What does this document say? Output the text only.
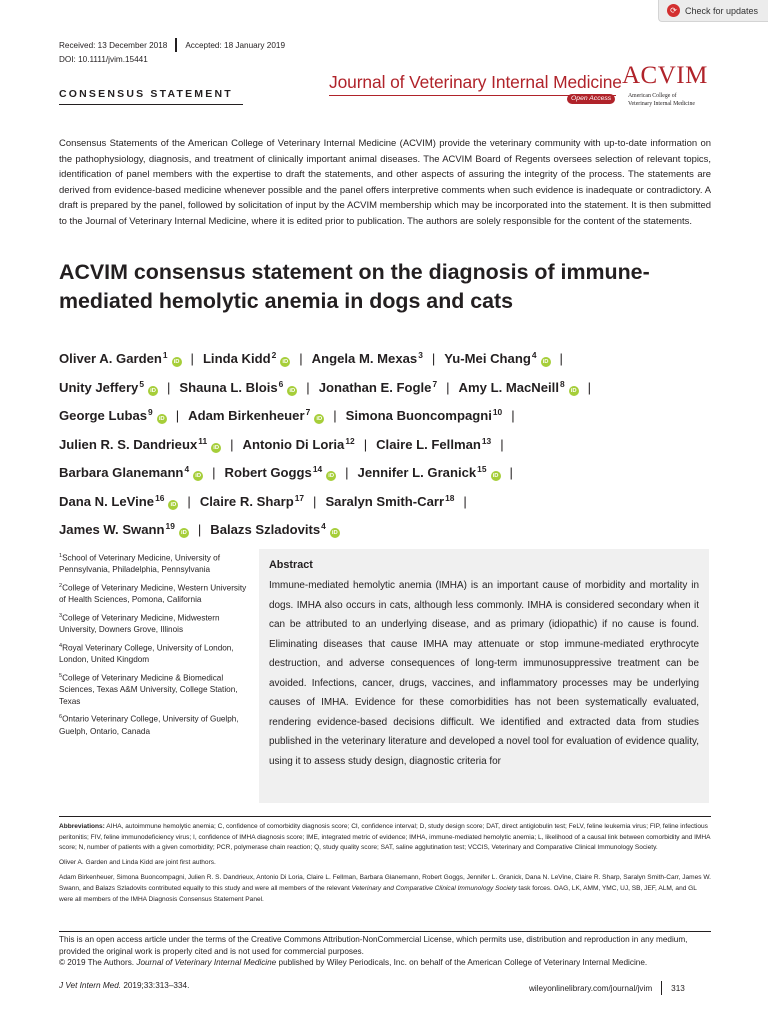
⟳ Check for updates
Received: 13 December 2018 Accepted: 18 January 2019
DOI: 10.1111/jvim.15441
CONSENSUS STATEMENT
Journal of Veterinary Internal Medicine
Open Access
ACVIM
American College of
Veterinary Internal Medicine

Consensus Statements of the American College of Veterinary Internal Medicine (ACVIM) provide the veterinary community with up-to-date information on the pathophysiology, diagnosis, and treatment of clinically important animal diseases. The ACVIM Board of Regents oversees selection of relevant topics, identification of panel members with the expertise to draft the statements, and other aspects of assuring the integrity of the process. The statements are derived from evidence-based medicine whenever possible and the panel offers interpretive comments when such evidence is inadequate or contradictory. A draft is prepared by the panel, followed by solicitation of input by the ACVIM membership which may be incorporated into the statement. It is then submitted to the Journal of Veterinary Internal Medicine, where it is edited prior to publication. The authors are solely responsible for the content of the statements.

ACVIM consensus statement on the diagnosis of immune-mediated hemolytic anemia in dogs and cats
Oliver A. Garden$^1$iD | Linda Kidd$^2$iD | Angela M. Mexas$^3$ | Yu-Mei Chang$^4$iD |
Unity Jeffery$^5$iD | Shauna L. Blois$^6$iD | Jonathan E. Fogle$^7$ | Amy L. MacNeill$^8$iD |
George Lubas$^9$iD | Adam Birkenheuer$^7$iD | Simona Buoncompagni$^{10}$ |
Julien R. S. Dandrieux$^{11}$iD | Antonio Di Loria$^{12}$ | Claire L. Fellman$^{13}$ |
Barbara Glanemann$^4$iD | Robert Goggs$^{14}$iD | Jennifer L. Granick$^{15}$iD |
Dana N. LeVine$^{16}$iD | Claire R. Sharp$^{17}$ | Saralyn Smith-Carr$^{18}$ |
James W. Swann$^{19}$iD | Balazs Szladovits$^4$iD
$^1$School of Veterinary Medicine, University of Pennsylvania, Philadelphia, Pennsylvania
$^2$College of Veterinary Medicine, Western University of Health Sciences, Pomona, California
$^3$College of Veterinary Medicine, Midwestern University, Downers Grove, Illinois
$^4$Royal Veterinary College, University of London, London, United Kingdom
$^5$College of Veterinary Medicine & Biomedical Sciences, Texas A&M University, College Station, Texas
$^6$Ontario Veterinary College, University of Guelph, Guelph, Ontario, Canada
Abstract

Immune-mediated hemolytic anemia (IMHA) is an important cause of morbidity and mortality in dogs. IMHA also occurs in cats, although less commonly. IMHA is considered secondary when it can be attributed to an underlying disease, and as primary (idiopathic) if no cause is found. Eliminating diseases that cause IMHA may attenuate or stop immune-mediated erythrocyte destruction, and adverse consequences of long-term immunosuppressive treatment can be avoided. Infections, cancer, drugs, vaccines, and inflammatory processes may be underlying causes of IMHA. Evidence for these comorbidities has not been systematically evaluated, rendering evidence-based decisions difficult. We identified and extracted data from studies published in the veterinary literature and developed a novel tool for evaluation of evidence quality, using it to assess study design, diagnostic criteria for

Abbreviations: AIHA, autoimmune hemolytic anemia; C, confidence of comorbidity diagnosis score; CI, confidence interval; D, study design score; DAT, direct antiglobulin test; FeLV, feline leukemia virus; FIP, feline infectious peritonitis; FIV, feline immunodeficiency virus; I, confidence of IMHA diagnosis score; IME, integrated metric of evidence; IMHA, immune-mediated hemolytic anemia; L, likelihood of a causal link between comorbidity and IMHA score; N, number of patients with a given comorbidity; PCR, polymerase chain reaction; Q, study quality score; SAT, saline agglutination test; VCCIS, Veterinary and Comparative Clinical Immunology Society.

Oliver A. Garden and Linda Kidd are joint first authors.

Adam Birkenheuer, Simona Buoncompagni, Julien R. S. Dandrieux, Antonio Di Loria, Claire L. Fellman, Barbara Glanemann, Robert Goggs, Jennifer L. Granick, Dana N. LeVine, Claire R. Sharp, Saralyn Smith-Carr, James W. Swann, and Balazs Szladovits contributed equally to this study and were all members of the relevant Veterinary and Comparative Clinical Immunology Society task forces. OAG, LK, AMM, YMC, UJ, SB, JEF, ALM, and GL were all members of the IMHA Diagnosis Consensus Statement Panel.

This is an open access article under the terms of the Creative Commons Attribution-NonCommercial License, which permits use, distribution and reproduction in any medium, provided the original work is properly cited and is not used for commercial purposes.

© 2019 The Authors. Journal of Veterinary Internal Medicine published by Wiley Periodicals, Inc. on behalf of the American College of Veterinary Internal Medicine.

J Vet Intern Med. 2019;33:313–334.	wileyonlinelibrary.com/journal/jvim 313
